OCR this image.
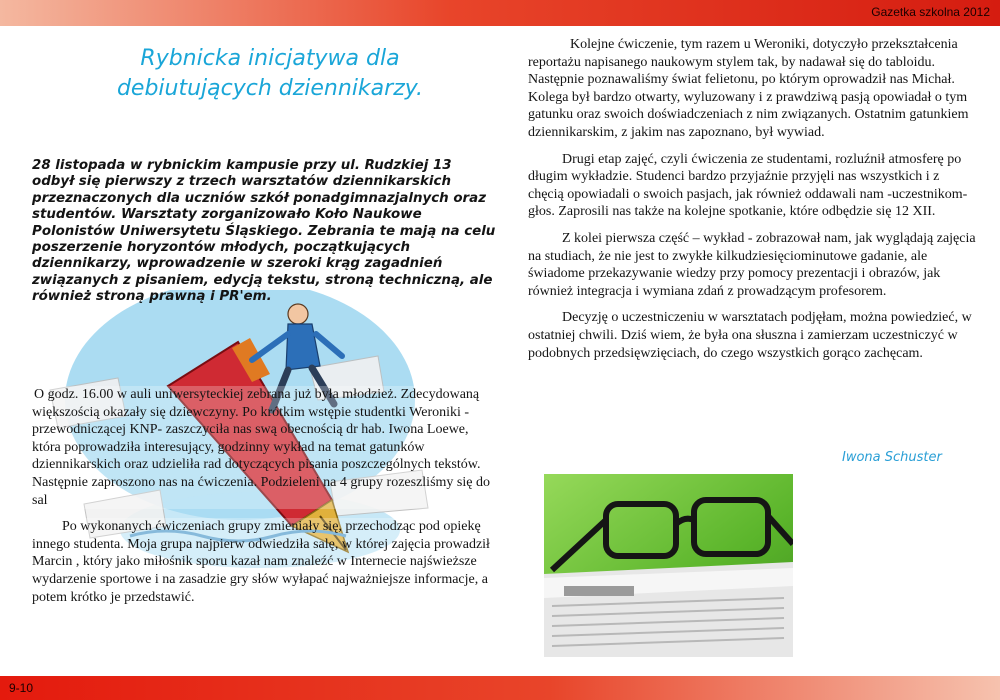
Gazetka szkolna 2012
Rybnicka inicjatywa dla debiutujących dziennikarzy.

28 listopada w rybnickim kampusie przy ul. Rudzkiej 13 odbył się pierwszy z trzech warsztatów dziennikarskich przeznaczonych dla uczniów szkół ponadgimnazjalnych oraz studentów. Warsztaty zorganizowało Koło Naukowe Polonistów Uniwersytetu Śląskiego. Zebrania te mają na celu poszerzenie horyzontów młodych, początkujących dziennikarzy, wprowadzenie w szeroki krąg zagadnień związanych z pisaniem, edycją tekstu, stroną techniczną, ale również stroną prawną i PR'em.

O godz. 16.00 w auli uniwersyteckiej zebrana już była młodzież. Zdecydowaną większością okazały się dziewczyny. Po krótkim wstępie studentki Weroniki - przewodniczącej KNP- zaszczyciła nas swą obecnością dr hab. Iwona Loewe, która poprowadziła interesujący, godzinny wykład na temat gatunków dziennikarskich oraz udzieliła rad dotyczących pisania poszczególnych tekstów. Następnie zaproszono nas na ćwiczenia. Podzieleni na 4 grupy rozeszliśmy się do sal

Po wykonanych ćwiczeniach grupy zmieniały się, przechodząc pod opiekę innego studenta. Moja grupa najpierw odwiedziła salę, w której zajęcia prowadził Marcin , który jako miłośnik sporu kazał nam znaleźć w Internecie najświeższe wydarzenie sportowe i na zasadzie gry słów wyłapać najważniejsze informacje, a potem krótko je przedstawić.

Kolejne ćwiczenie, tym razem u Weroniki, dotyczyło przekształcenia reportażu napisanego naukowym stylem tak, by nadawał się do tabloidu. Następnie poznawaliśmy świat felietonu, po którym oprowadził nas Michał. Kolega był bardzo otwarty, wyluzowany i z prawdziwą pasją opowiadał o tym gatunku oraz swoich doświadczeniach z nim związanych. Ostatnim gatunkiem dziennikarskim, z jakim nas zapoznano, był wywiad.

Drugi etap zajęć, czyli ćwiczenia ze studentami, rozluźnił atmosferę po długim wykładzie. Studenci bardzo przyjaźnie przyjęli nas wszystkich i z chęcią opowiadali o swoich pasjach, jak również oddawali nam -uczestnikom- głos. Zaprosili nas także na kolejne spotkanie, które odbędzie się 12 XII.

Z kolei pierwsza część – wykład - zobrazował nam, jak wyglądają zajęcia na studiach, że nie jest to zwykłe kilkudziesięciominutowe gadanie, ale świadome przekazywanie wiedzy przy pomocy prezentacji i obrazów, jak również integracja i wymiana zdań z prowadzącym profesorem.

Decyzję o uczestniczeniu w warsztatach podjęłam, można powiedzieć, w ostatniej chwili. Dziś wiem, że była ona słuszna i zamierzam uczestniczyć w podobnych przedsięwzięciach, do czego wszystkich gorąco zachęcam.

Iwona Schuster
9-10
